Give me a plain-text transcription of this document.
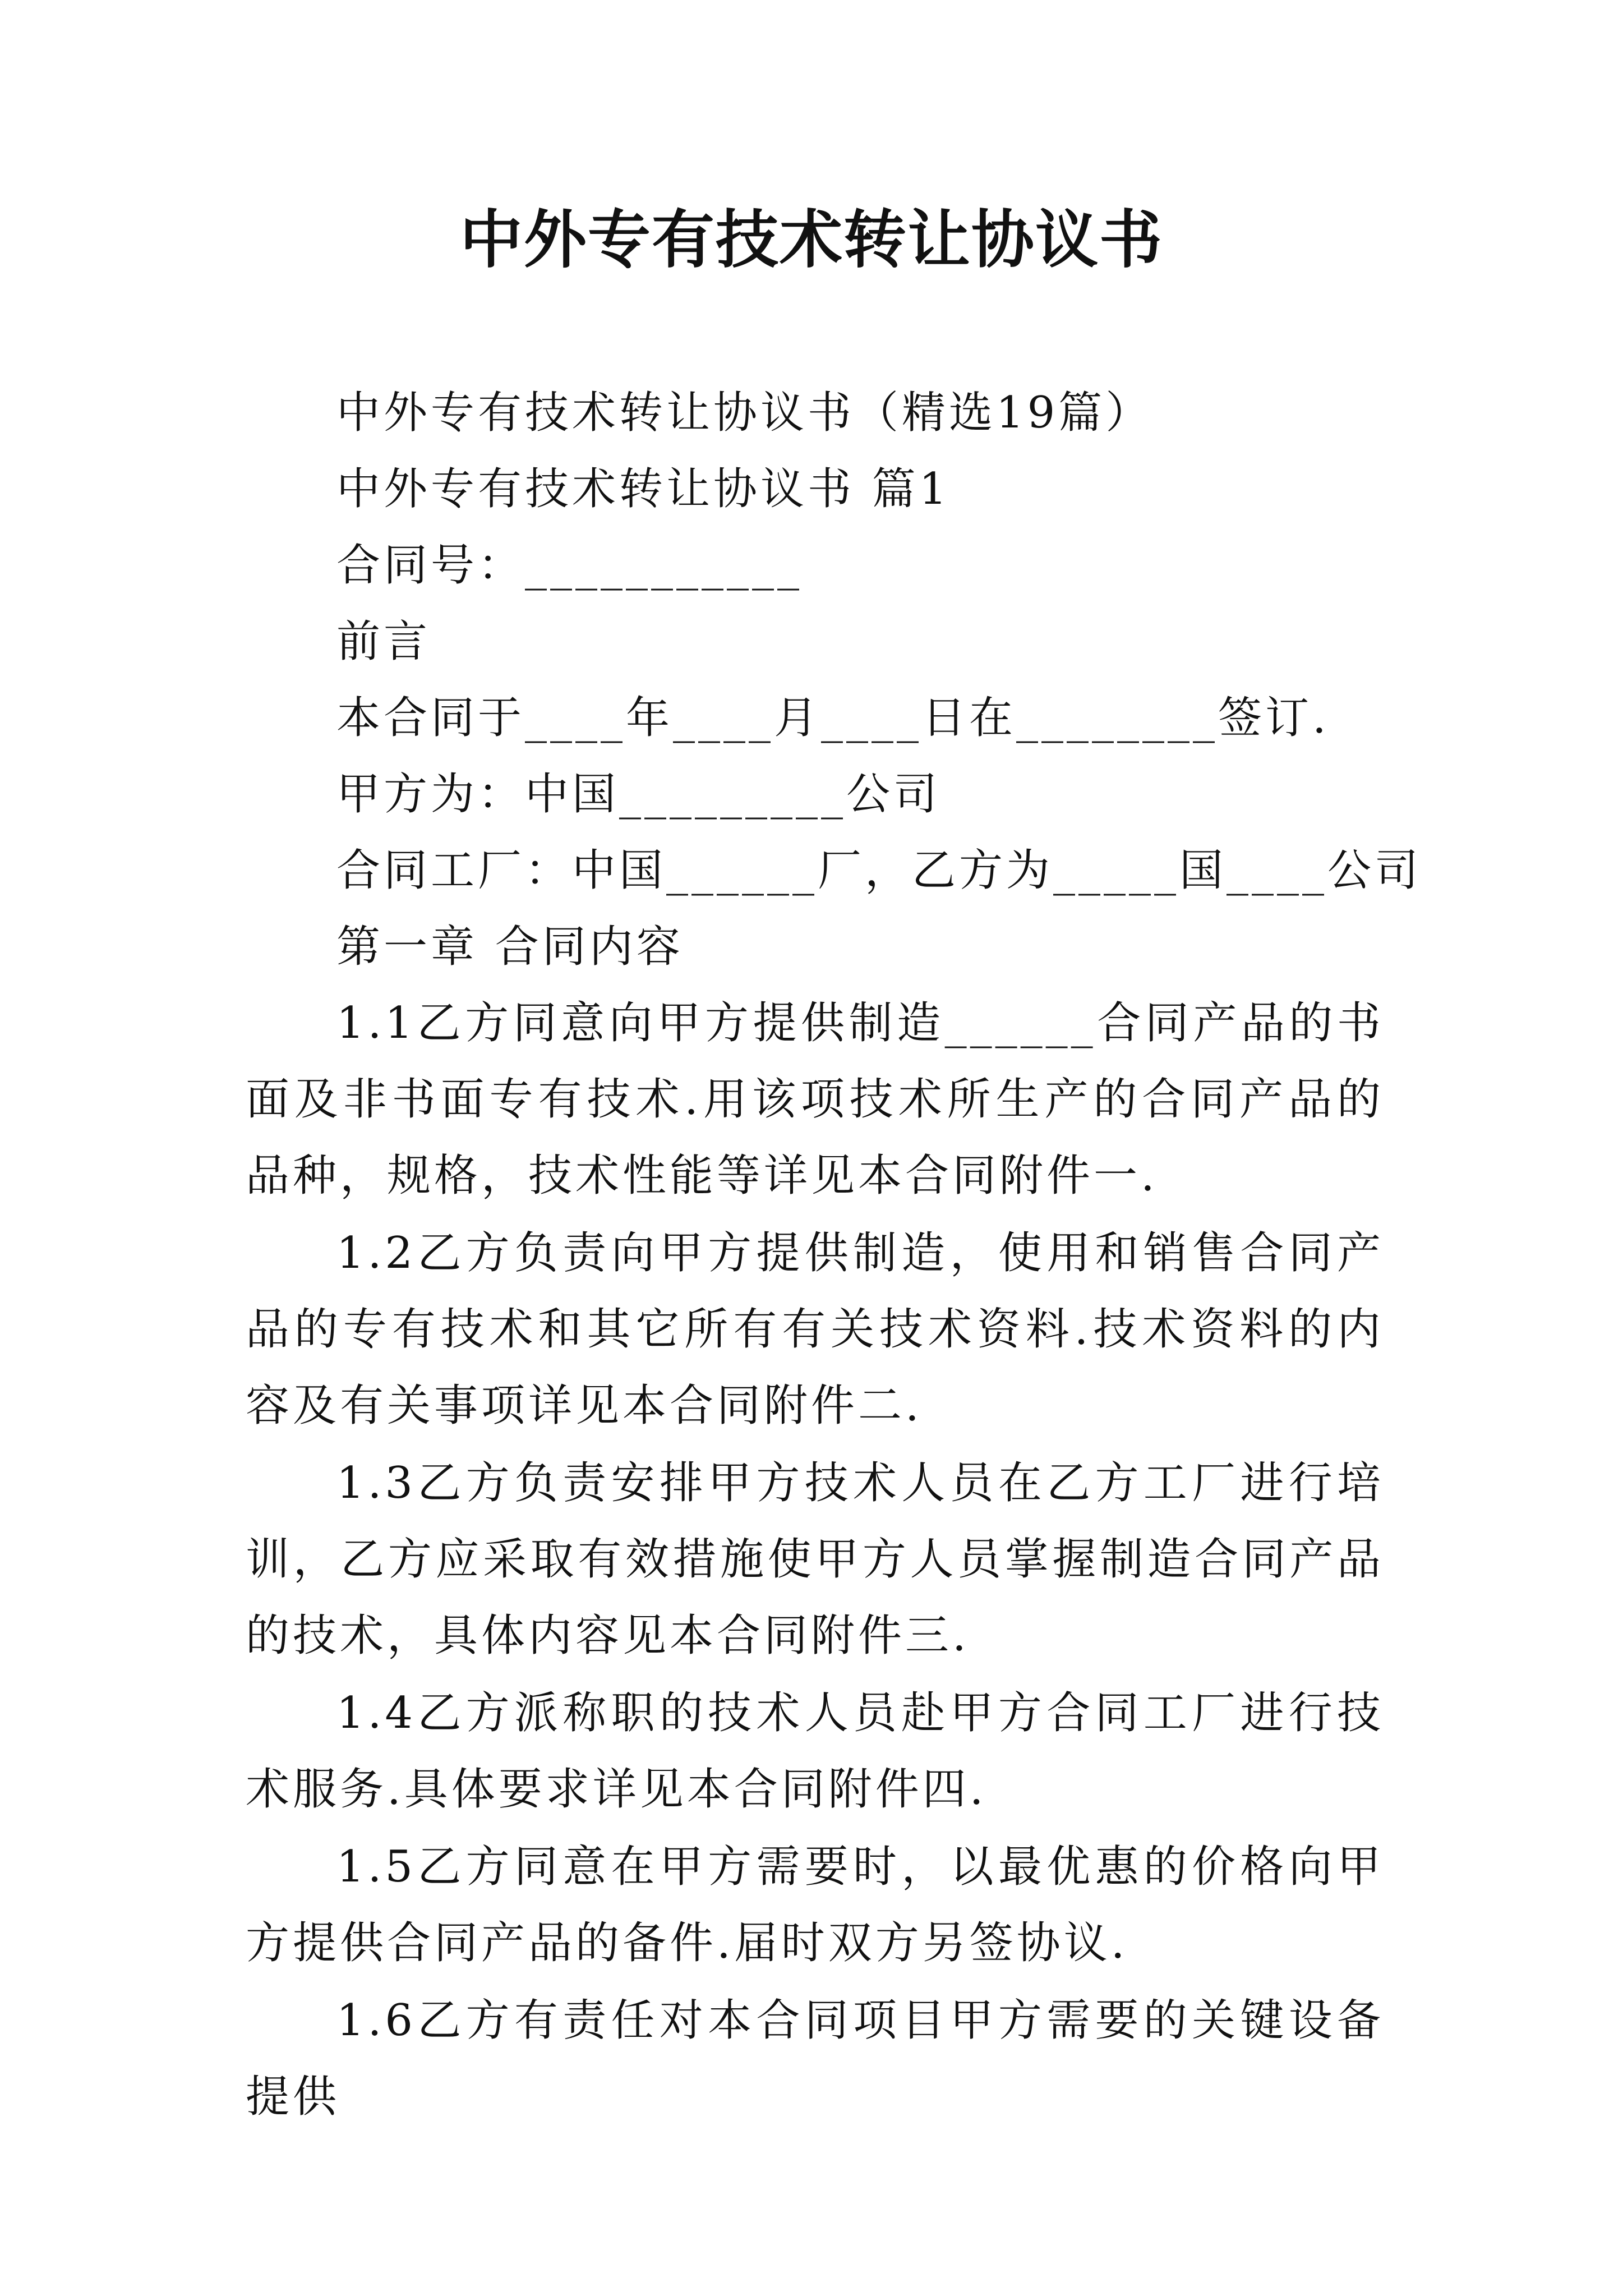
中外专有技术转让协议书
中外专有技术转让协议书（精选19篇）
中外专有技术转让协议书 篇1
合同号：___________
前言
本合同于____年____月____日在________签订.
甲方为：中国_________公司
合同工厂：中国______厂，乙方为_____国____公司
第一章 合同内容
1.1乙方同意向甲方提供制造______合同产品的书面及非书面专有技术.用该项技术所生产的合同产品的品种，规格，技术性能等详见本合同附件一.
1.2乙方负责向甲方提供制造，使用和销售合同产品的专有技术和其它所有有关技术资料.技术资料的内容及有关事项详见本合同附件二.
1.3乙方负责安排甲方技术人员在乙方工厂进行培训，乙方应采取有效措施使甲方人员掌握制造合同产品的技术，具体内容见本合同附件三.
1.4乙方派称职的技术人员赴甲方合同工厂进行技术服务.具体要求详见本合同附件四.
1.5乙方同意在甲方需要时，以最优惠的价格向甲方提供合同产品的备件.届时双方另签协议.
1.6乙方有责任对本合同项目甲方需要的关键设备提供
